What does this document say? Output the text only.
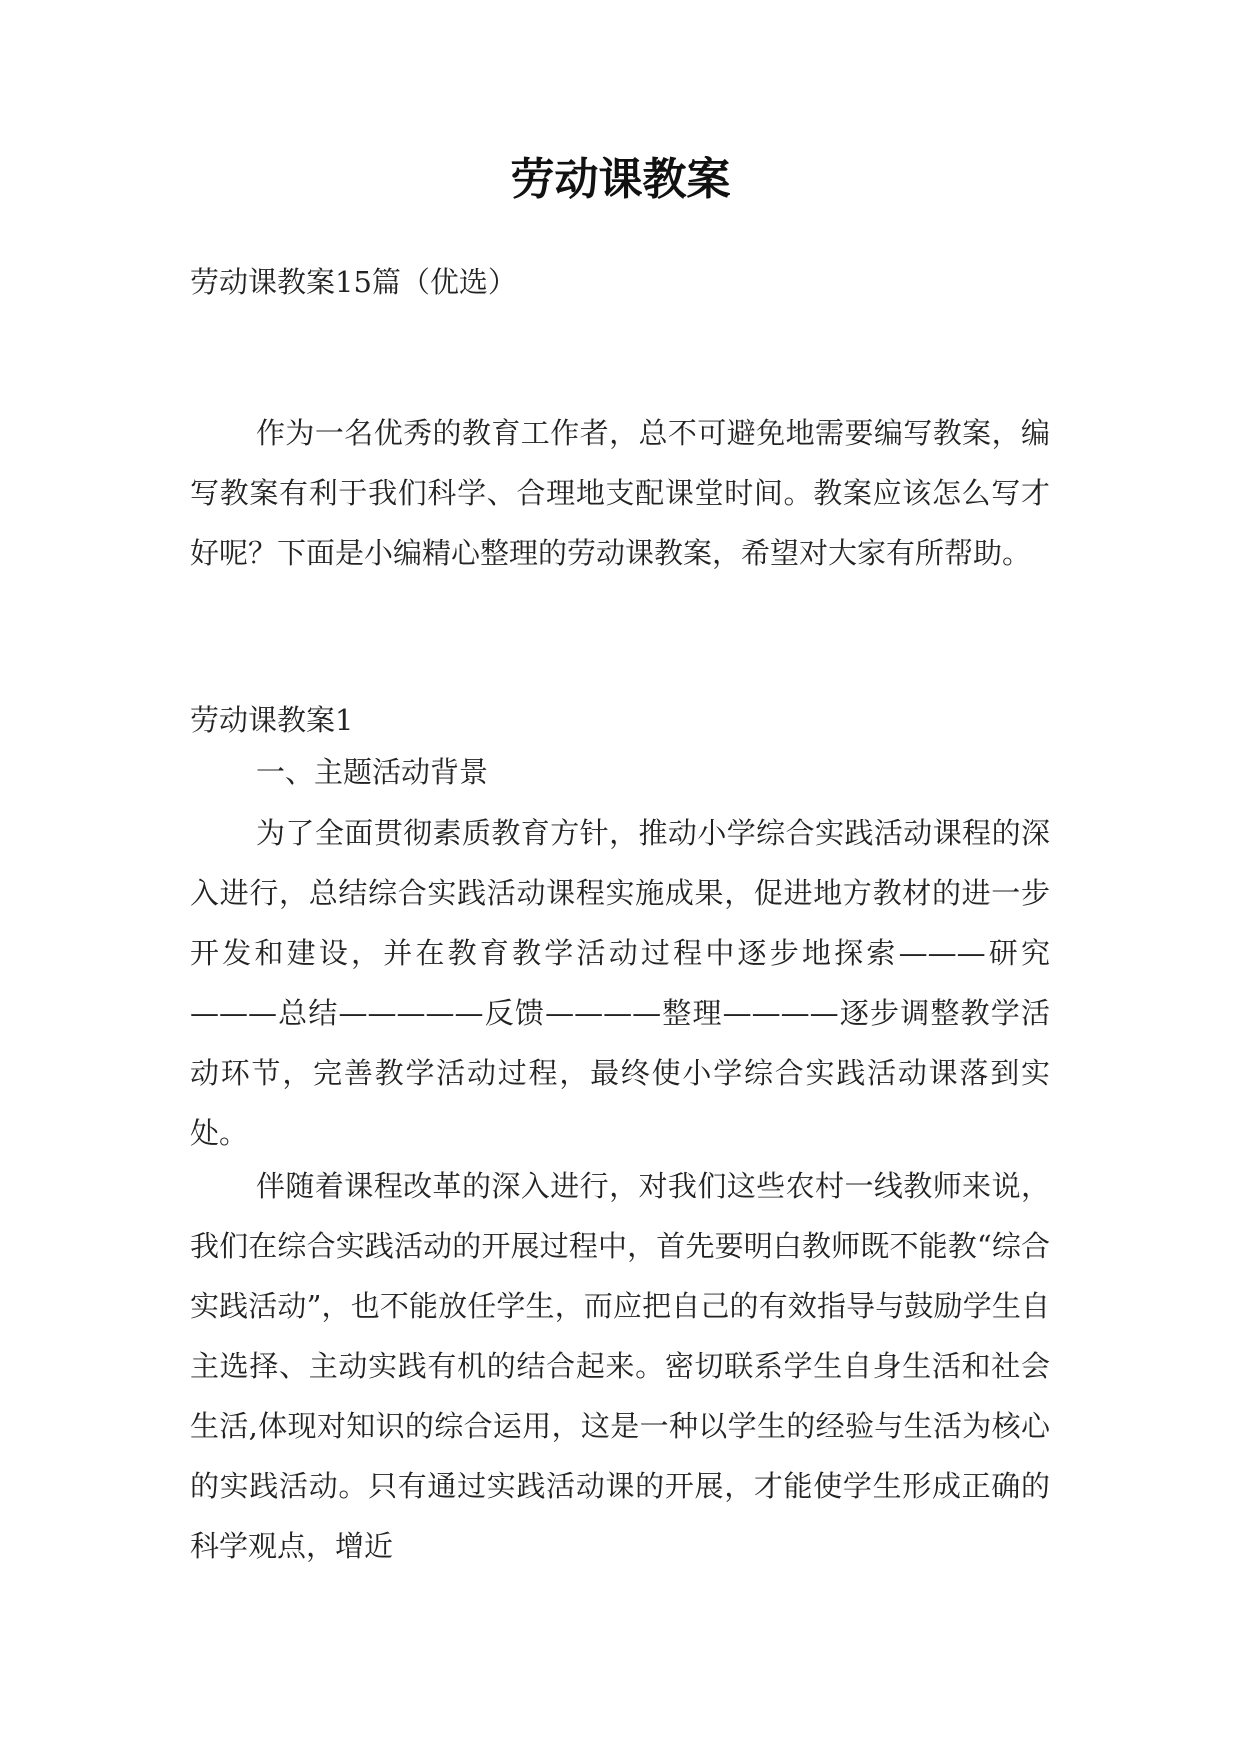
劳动课教案
劳动课教案15篇（优选）
作为一名优秀的教育工作者，总不可避免地需要编写教案，编写教案有利于我们科学、合理地支配课堂时间。教案应该怎么写才好呢？下面是小编精心整理的劳动课教案，希望对大家有所帮助。
劳动课教案1
一、主题活动背景
为了全面贯彻素质教育方针，推动小学综合实践活动课程的深入进行，总结综合实践活动课程实施成果，促进地方教材的进一步开发和建设，并在教育教学活动过程中逐步地探索———研究———总结—————反馈————整理————逐步调整教学活动环节，完善教学活动过程，最终使小学综合实践活动课落到实处。
伴随着课程改革的深入进行，对我们这些农村一线教师来说，我们在综合实践活动的开展过程中，首先要明白教师既不能教“综合实践活动”，也不能放任学生，而应把自己的有效指导与鼓励学生自主选择、主动实践有机的结合起来。密切联系学生自身生活和社会生活,体现对知识的综合运用，这是一种以学生的经验与生活为核心的实践活动。只有通过实践活动课的开展，才能使学生形成正确的科学观点，增近
